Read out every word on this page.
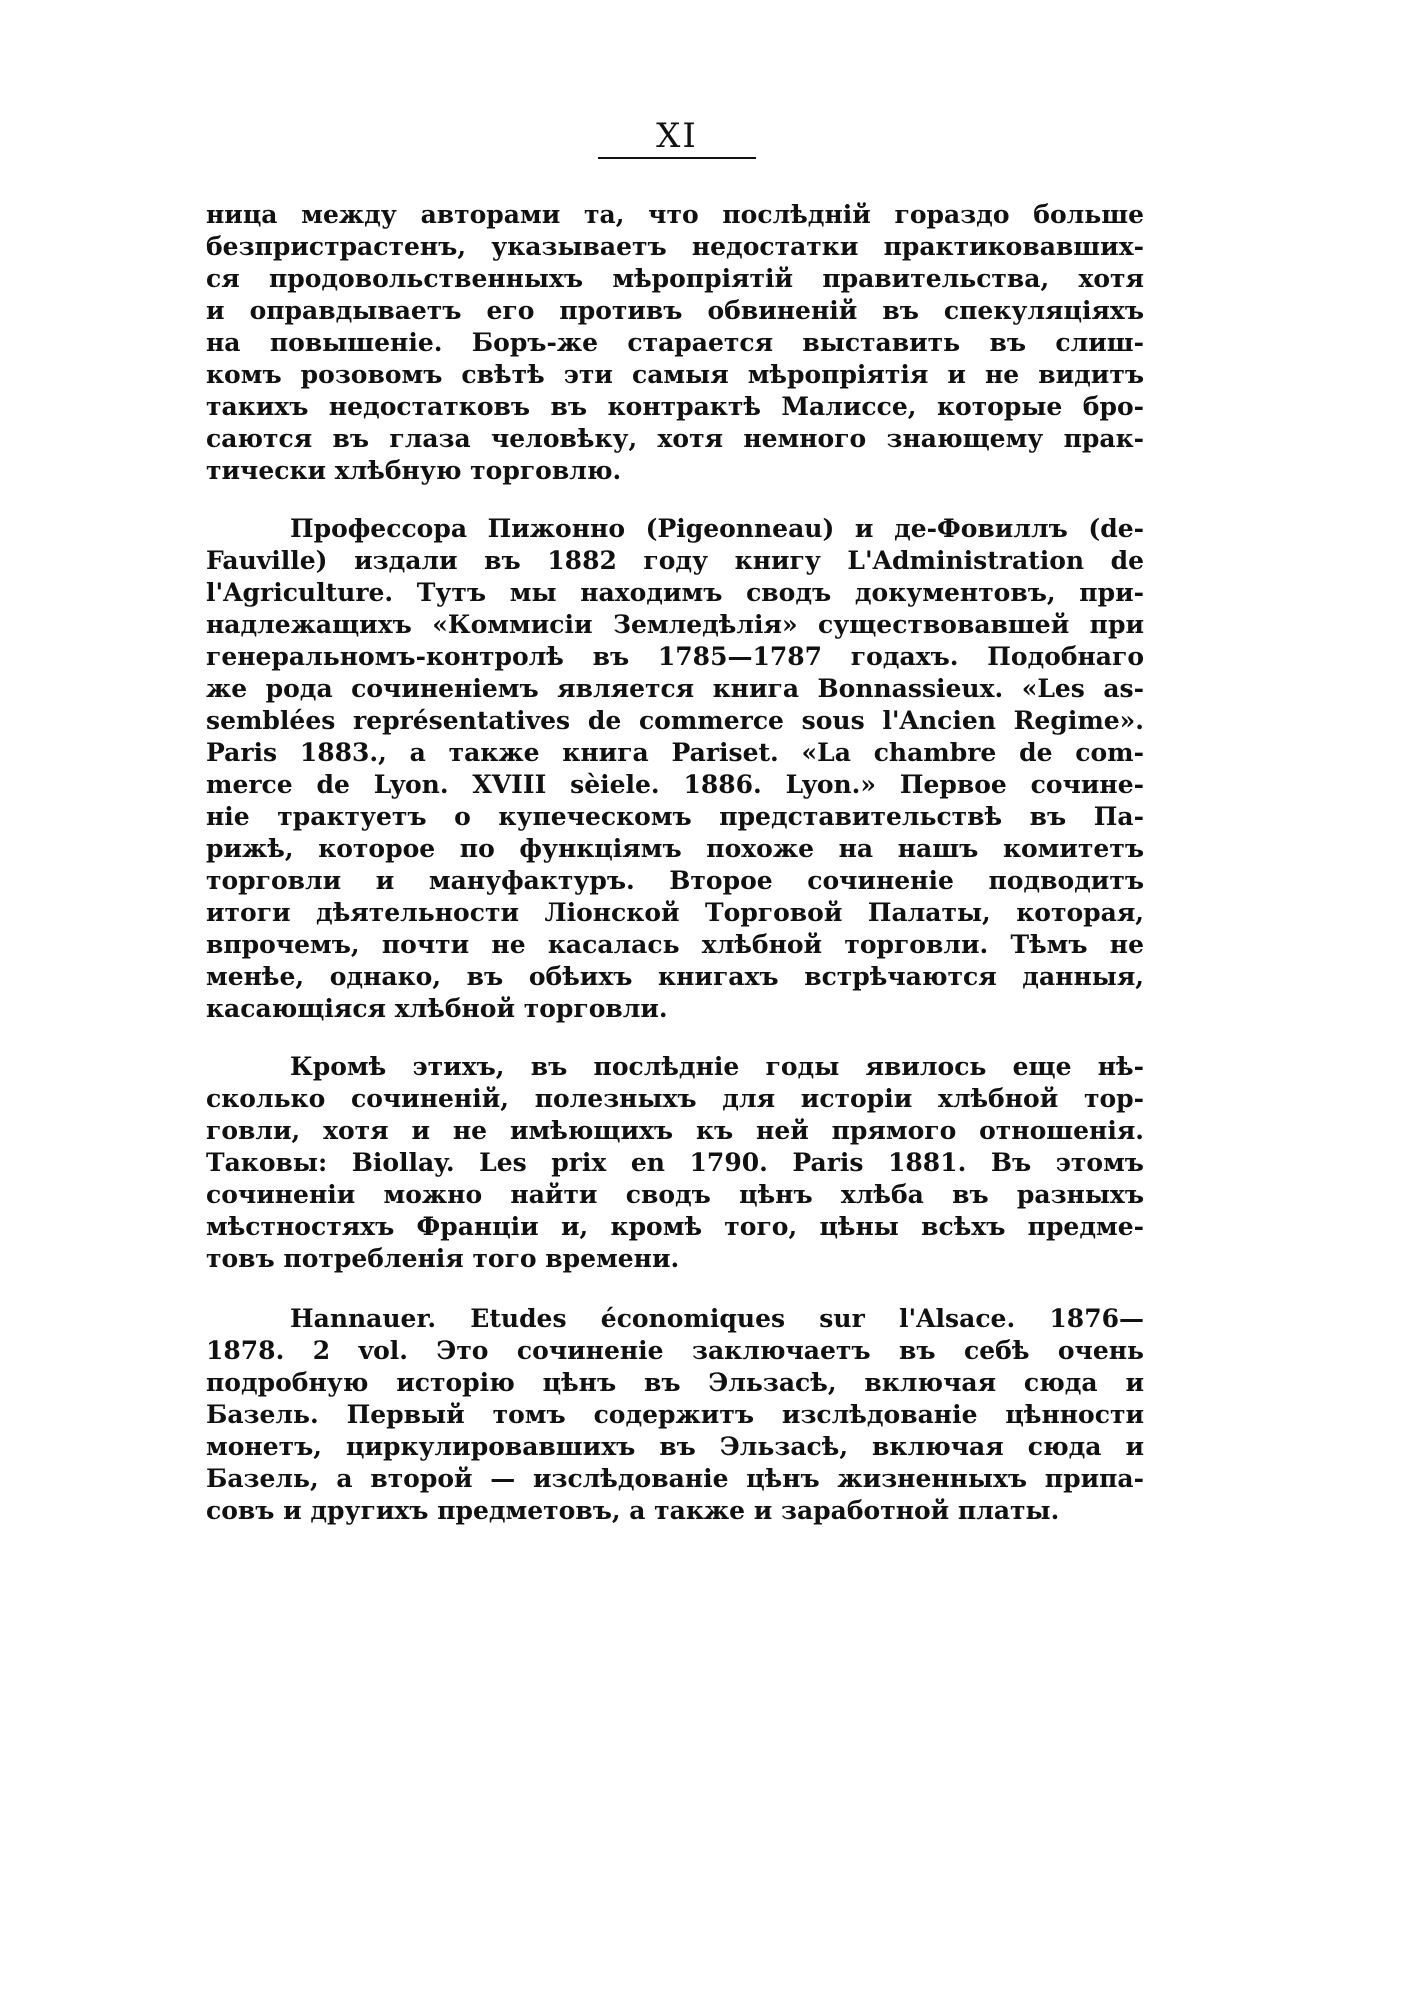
XI
ница между авторами та, что послѣднiй гораздо больше
безпристрастенъ, указываетъ недостатки практиковавших-
ся продовольственныхъ мѣропрiятiй правительства, хотя
и оправдываетъ его противъ обвиненiй въ спекуляцiяхъ
на повышенiе. Боръ-же старается выставить въ слиш-
комъ розовомъ свѣтѣ эти самыя мѣропрiятiя и не видитъ
такихъ недостатковъ въ контрактѣ Малиссе, которые бро-
саются въ глаза человѣку, хотя немного знающему прак-
тически хлѣбную торговлю.
Профессора Пижонно (Pigeonneau) и де-Фовиллъ (de-
Fauville) издали въ 1882 году книгу L'Administration de
l'Agriculture. Тутъ мы находимъ сводъ документовъ, при-
надлежащихъ «Коммисiи Земледѣлiя» существовавшей при
генеральномъ-контролѣ въ 1785—1787 годахъ. Подобнаго
же рода сочиненiемъ является книга Bonnassieux. «Les as-
semblées représentatives de commerce sous l'Ancien Regime».
Paris 1883., а также книга Pariset. «La chambre de com-
merce de Lyon. XVIII sèiele. 1886. Lyon.» Первое сочине-
нiе трактуетъ о купеческомъ представительствѣ въ Па-
рижѣ, которое по функцiямъ похоже на нашъ комитетъ
торговли и мануфактуръ. Второе сочиненiе подводитъ
итоги дѣятельности Лiонской Торговой Палаты, которая,
впрочемъ, почти не касалась хлѣбной торговли. Тѣмъ не
менѣе, однако, въ обѣихъ книгахъ встрѣчаются данныя,
касающiяся хлѣбной торговли.
Кромѣ этихъ, въ послѣднiе годы явилось еще нѣ-
сколько сочиненiй, полезныхъ для исторiи хлѣбной тор-
говли, хотя и не имѣющихъ къ ней прямого отношенiя.
Таковы: Biollay. Les prix en 1790. Paris 1881. Въ этомъ
сочиненiи можно найти сводъ цѣнъ хлѣба въ разныхъ
мѣстностяхъ Францiи и, кромѣ того, цѣны всѣхъ предме-
товъ потребленiя того времени.
Hannauer. Etudes économiques sur l'Alsace. 1876—
1878. 2 vol. Это сочиненiе заключаетъ въ себѣ очень
подробную исторiю цѣнъ въ Эльзасѣ, включая сюда и
Базель. Первый томъ содержитъ изслѣдованiе цѣнности
монетъ, циркулировавшихъ въ Эльзасѣ, включая сюда и
Базель, а второй — изслѣдованiе цѣнъ жизненныхъ припа-
совъ и другихъ предметовъ, а также и заработной платы.
